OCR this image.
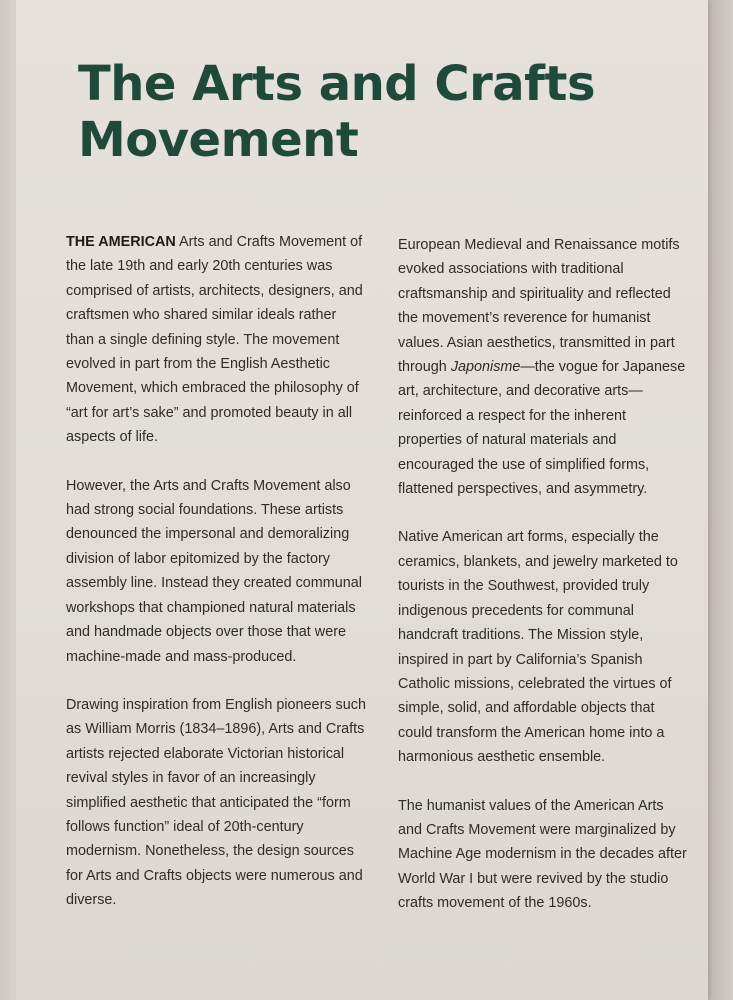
The Arts and Crafts
Movement

THE AMERICAN Arts and Crafts Movement of the late 19th and early 20th centuries was comprised of artists, architects, designers, and craftsmen who shared similar ideals rather than a single defining style. The movement evolved in part from the English Aesthetic Movement, which embraced the philosophy of “art for art’s sake” and promoted beauty in all aspects of life.

However, the Arts and Crafts Movement also had strong social foundations. These artists denounced the impersonal and demoralizing division of labor epitomized by the factory assembly line. Instead they created communal workshops that championed natural materials and handmade objects over those that were machine-made and mass-produced.

Drawing inspiration from English pioneers such as William Morris (1834–1896), Arts and Crafts artists rejected elaborate Victorian historical revival styles in favor of an increasingly simplified aesthetic that anticipated the “form follows function” ideal of 20th-century modernism. Nonetheless, the design sources for Arts and Crafts objects were numerous and diverse.

European Medieval and Renaissance motifs evoked associations with traditional craftsmanship and spirituality and reflected the movement’s reverence for humanist values. Asian aesthetics, transmitted in part through Japonisme—the vogue for Japanese art, architecture, and decorative arts—reinforced a respect for the inherent properties of natural materials and encouraged the use of simplified forms, flattened perspectives, and asymmetry.

Native American art forms, especially the ceramics, blankets, and jewelry marketed to tourists in the Southwest, provided truly indigenous precedents for communal handcraft traditions. The Mission style, inspired in part by California’s Spanish Catholic missions, celebrated the virtues of simple, solid, and affordable objects that could transform the American home into a harmonious aesthetic ensemble.

The humanist values of the American Arts and Crafts Movement were marginalized by Machine Age modernism in the decades after World War I but were revived by the studio crafts movement of the 1960s.
